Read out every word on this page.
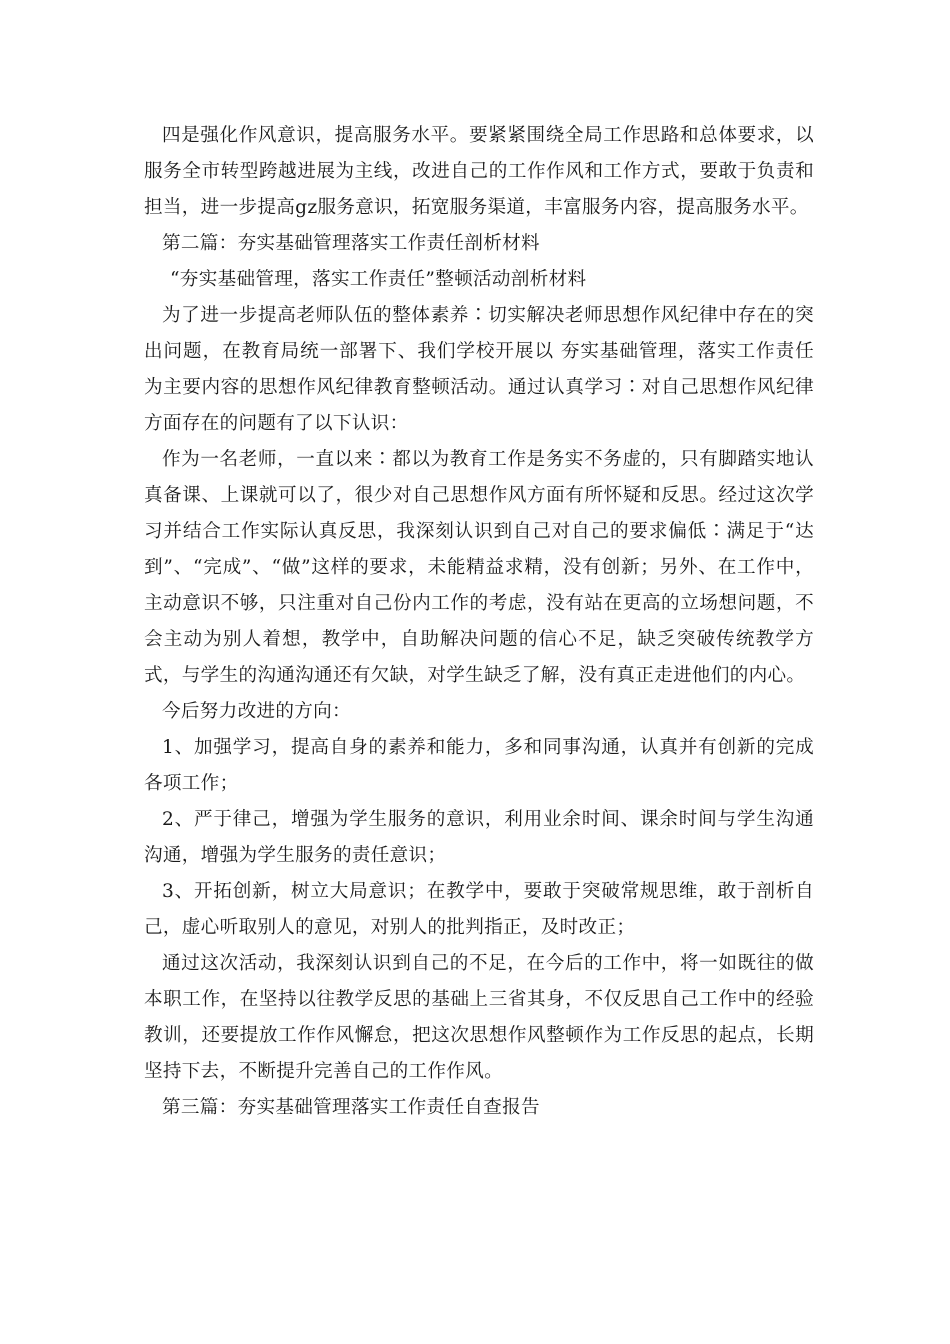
四是强化作风意识，提高服务水平。要紧紧围绕全局工作思路和总体要求，以服务全市转型跨越进展为主线，改进自己的工作作风和工作方式，要敢于负责和担当，进一步提高gz服务意识，拓宽服务渠道，丰富服务内容，提高服务水平。

第二篇：夯实基础管理落实工作责任剖析材料

“夯实基础管理，落实工作责任”整顿活动剖析材料

为了进一步提高老师队伍的整体素养∶切实解决老师思想作风纪律中存在的突出问题，在教育局统一部署下、我们学校开展以 夯实基础管理，落实工作责任 为主要内容的思想作风纪律教育整顿活动。通过认真学习∶对自己思想作风纪律方面存在的问题有了以下认识：

作为一名老师，一直以来∶都以为教育工作是务实不务虚的，只有脚踏实地认真备课、上课就可以了，很少对自己思想作风方面有所怀疑和反思。经过这次学习并结合工作实际认真反思，我深刻认识到自己对自己的要求偏低∶满足于“达到”、“完成”、“做”这样的要求，未能精益求精，没有创新；另外、在工作中，主动意识不够，只注重对自己份内工作的考虑，没有站在更高的立场想问题，不会主动为别人着想，教学中，自助解决问题的信心不足，缺乏突破传统教学方式，与学生的沟通沟通还有欠缺，对学生缺乏了解，没有真正走进他们的内心。

今后努力改进的方向：

1、加强学习，提高自身的素养和能力，多和同事沟通，认真并有创新的完成各项工作；

2、严于律己，增强为学生服务的意识，利用业余时间、课余时间与学生沟通沟通，增强为学生服务的责任意识；

3、开拓创新，树立大局意识；在教学中，要敢于突破常规思维，敢于剖析自己，虚心听取别人的意见，对别人的批判指正，及时改正；

通过这次活动，我深刻认识到自己的不足，在今后的工作中，将一如既往的做本职工作，在坚持以往教学反思的基础上三省其身，不仅反思自己工作中的经验教训，还要提放工作作风懈怠，把这次思想作风整顿作为工作反思的起点，长期坚持下去，不断提升完善自己的工作作风。

第三篇：夯实基础管理落实工作责任自查报告
